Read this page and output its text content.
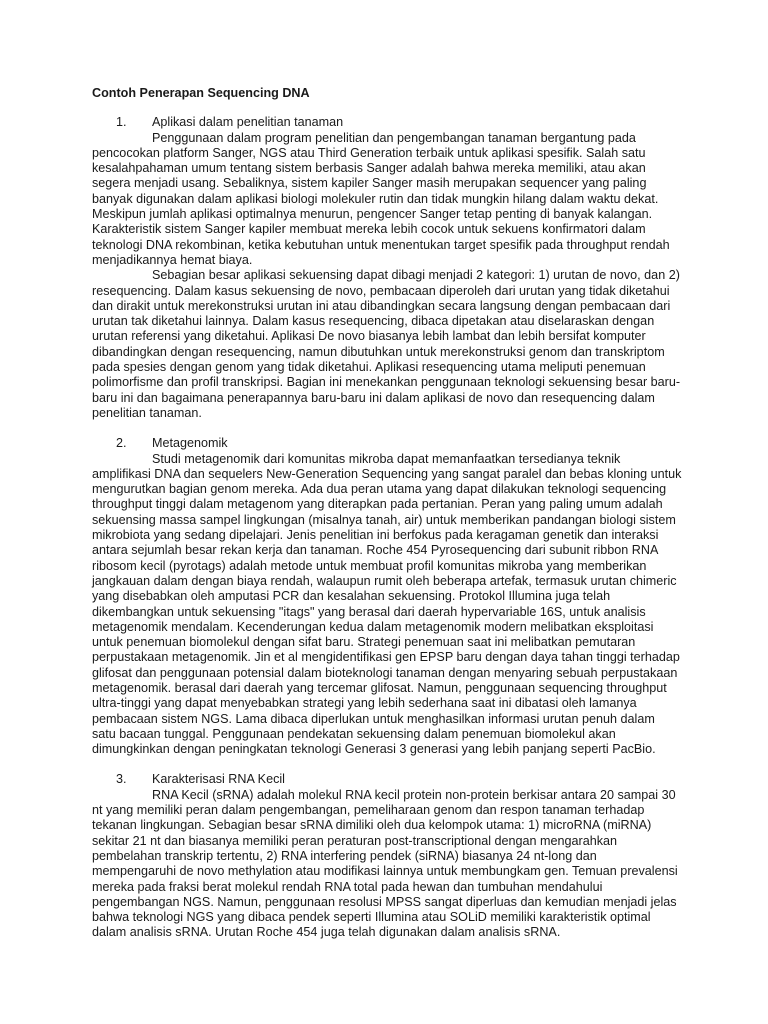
Contoh Penerapan Sequencing DNA

1. Aplikasi dalam penelitian tanaman

Penggunaan dalam program penelitian dan pengembangan tanaman bergantung pada pencocokan platform Sanger, NGS atau Third Generation terbaik untuk aplikasi spesifik. Salah satu kesalahpahaman umum tentang sistem berbasis Sanger adalah bahwa mereka memiliki, atau akan segera menjadi usang. Sebaliknya, sistem kapiler Sanger masih merupakan sequencer yang paling banyak digunakan dalam aplikasi biologi molekuler rutin dan tidak mungkin hilang dalam waktu dekat. Meskipun jumlah aplikasi optimalnya menurun, pengencer Sanger tetap penting di banyak kalangan. Karakteristik sistem Sanger kapiler membuat mereka lebih cocok untuk sekuens konfirmatori dalam teknologi DNA rekombinan, ketika kebutuhan untuk menentukan target spesifik pada throughput rendah menjadikannya hemat biaya.

Sebagian besar aplikasi sekuensing dapat dibagi menjadi 2 kategori: 1) urutan de novo, dan 2) resequencing. Dalam kasus sekuensing de novo, pembacaan diperoleh dari urutan yang tidak diketahui dan dirakit untuk merekonstruksi urutan ini atau dibandingkan secara langsung dengan pembacaan dari urutan tak diketahui lainnya. Dalam kasus resequencing, dibaca dipetakan atau diselaraskan dengan urutan referensi yang diketahui. Aplikasi De novo biasanya lebih lambat dan lebih bersifat komputer dibandingkan dengan resequencing, namun dibutuhkan untuk merekonstruksi genom dan transkriptom pada spesies dengan genom yang tidak diketahui. Aplikasi resequencing utama meliputi penemuan polimorfisme dan profil transkripsi. Bagian ini menekankan penggunaan teknologi sekuensing besar baru-baru ini dan bagaimana penerapannya baru-baru ini dalam aplikasi de novo dan resequencing dalam penelitian tanaman.

2. Metagenomik

Studi metagenomik dari komunitas mikroba dapat memanfaatkan tersedianya teknik amplifikasi DNA dan sequelers New-Generation Sequencing yang sangat paralel dan bebas kloning untuk mengurutkan bagian genom mereka. Ada dua peran utama yang dapat dilakukan teknologi sequencing throughput tinggi dalam metagenom yang diterapkan pada pertanian. Peran yang paling umum adalah sekuensing massa sampel lingkungan (misalnya tanah, air) untuk memberikan pandangan biologi sistem mikrobiota yang sedang dipelajari. Jenis penelitian ini berfokus pada keragaman genetik dan interaksi antara sejumlah besar rekan kerja dan tanaman. Roche 454 Pyrosequencing dari subunit ribbon RNA ribosom kecil (pyrotags) adalah metode untuk membuat profil komunitas mikroba yang memberikan jangkauan dalam dengan biaya rendah, walaupun rumit oleh beberapa artefak, termasuk urutan chimeric yang disebabkan oleh amputasi PCR dan kesalahan sekuensing. Protokol Illumina juga telah dikembangkan untuk sekuensing "itags" yang berasal dari daerah hypervariable 16S, untuk analisis metagenomik mendalam. Kecenderungan kedua dalam metagenomik modern melibatkan eksploitasi untuk penemuan biomolekul dengan sifat baru. Strategi penemuan saat ini melibatkan pemutaran perpustakaan metagenomik. Jin et al mengidentifikasi gen EPSP baru dengan daya tahan tinggi terhadap glifosat dan penggunaan potensial dalam bioteknologi tanaman dengan menyaring sebuah perpustakaan metagenomik. berasal dari daerah yang tercemar glifosat. Namun, penggunaan sequencing throughput ultra-tinggi yang dapat menyebabkan strategi yang lebih sederhana saat ini dibatasi oleh lamanya pembacaan sistem NGS. Lama dibaca diperlukan untuk menghasilkan informasi urutan penuh dalam satu bacaan tunggal. Penggunaan pendekatan sekuensing dalam penemuan biomolekul akan dimungkinkan dengan peningkatan teknologi Generasi 3 generasi yang lebih panjang seperti PacBio.

3. Karakterisasi RNA Kecil

RNA Kecil (sRNA) adalah molekul RNA kecil protein non-protein berkisar antara 20 sampai 30 nt yang memiliki peran dalam pengembangan, pemeliharaan genom dan respon tanaman terhadap tekanan lingkungan. Sebagian besar sRNA dimiliki oleh dua kelompok utama: 1) microRNA (miRNA) sekitar 21 nt dan biasanya memiliki peran peraturan post-transcriptional dengan mengarahkan pembelahan transkrip tertentu, 2) RNA interfering pendek (siRNA) biasanya 24 nt-long dan mempengaruhi de novo methylation atau modifikasi lainnya untuk membungkam gen. Temuan prevalensi mereka pada fraksi berat molekul rendah RNA total pada hewan dan tumbuhan mendahului pengembangan NGS. Namun, penggunaan resolusi MPSS sangat diperluas dan kemudian menjadi jelas bahwa teknologi NGS yang dibaca pendek seperti Illumina atau SOLiD memiliki karakteristik optimal dalam analisis sRNA. Urutan Roche 454 juga telah digunakan dalam analisis sRNA.
